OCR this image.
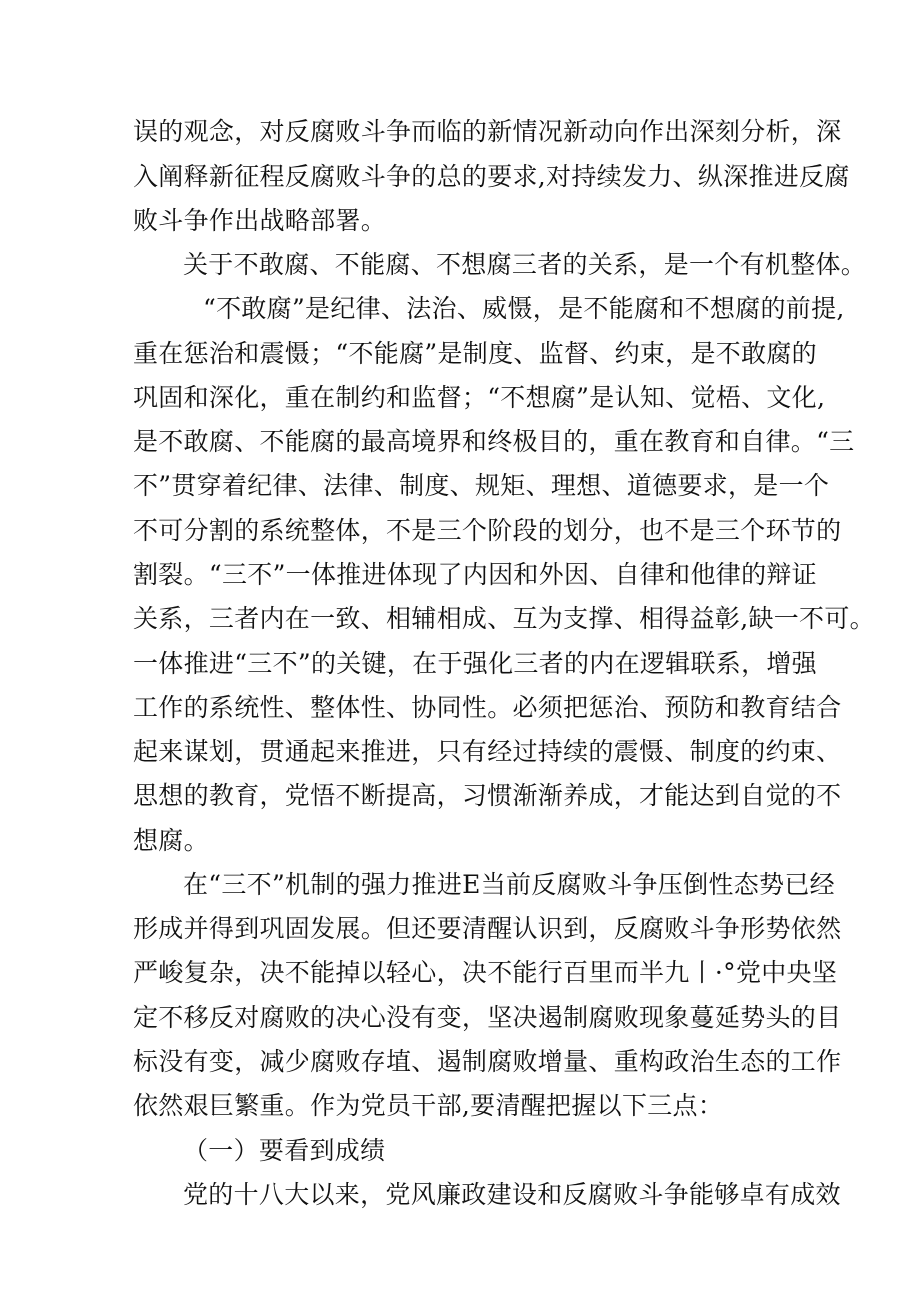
误的观念，对反腐败斗争而临的新情况新动向作出深刻分析，深
入阐释新征程反腐败斗争的总的要求,对持续发力、纵深推进反腐
败斗争作出战略部署。
关于不敢腐、不能腐、不想腐三者的关系，是一个有机整体。
“不敢腐”是纪律、法治、威慑，是不能腐和不想腐的前提,
重在惩治和震慑；“不能腐”是制度、监督、约束，是不敢腐的
巩固和深化，重在制约和监督；“不想腐”是认知、觉梧、文化,
是不敢腐、不能腐的最高境界和终极目的，重在教育和自律。“三
不”贯穿着纪律、法律、制度、规矩、理想、道德要求，是一个
不可分割的系统整体，不是三个阶段的划分，也不是三个环节的
割裂。“三不”一体推进体现了内因和外因、自律和他律的辩证
关系，三者内在一致、相辅相成、互为支撑、相得益彰,缺一不可。
一体推进“三不”的关键，在于强化三者的内在逻辑联系，增强
工作的系统性、整体性、协同性。必须把惩治、预防和教育结合
起来谋划，贯通起来推进，只有经过持续的震慑、制度的约束、
思想的教育，党悟不断提高，习惯渐渐养成，才能达到自觉的不
想腐。
在“三不”机制的强力推进E当前反腐败斗争压倒性态势已经
形成并得到巩固发展。但还要清醒认识到，反腐败斗争形势依然
严峻复杂，决不能掉以轻心，决不能行百里而半九丨·°党中央坚
定不移反对腐败的决心没有变，坚决遏制腐败现象蔓延势头的目
标没有变，减少腐败存埴、遏制腐败增量、重构政治生态的工作
依然艰巨繁重。作为党员干部,要清醒把握以下三点：
（一）要看到成绩
党的十八大以来，党风廉政建设和反腐败斗争能够卓有成效
